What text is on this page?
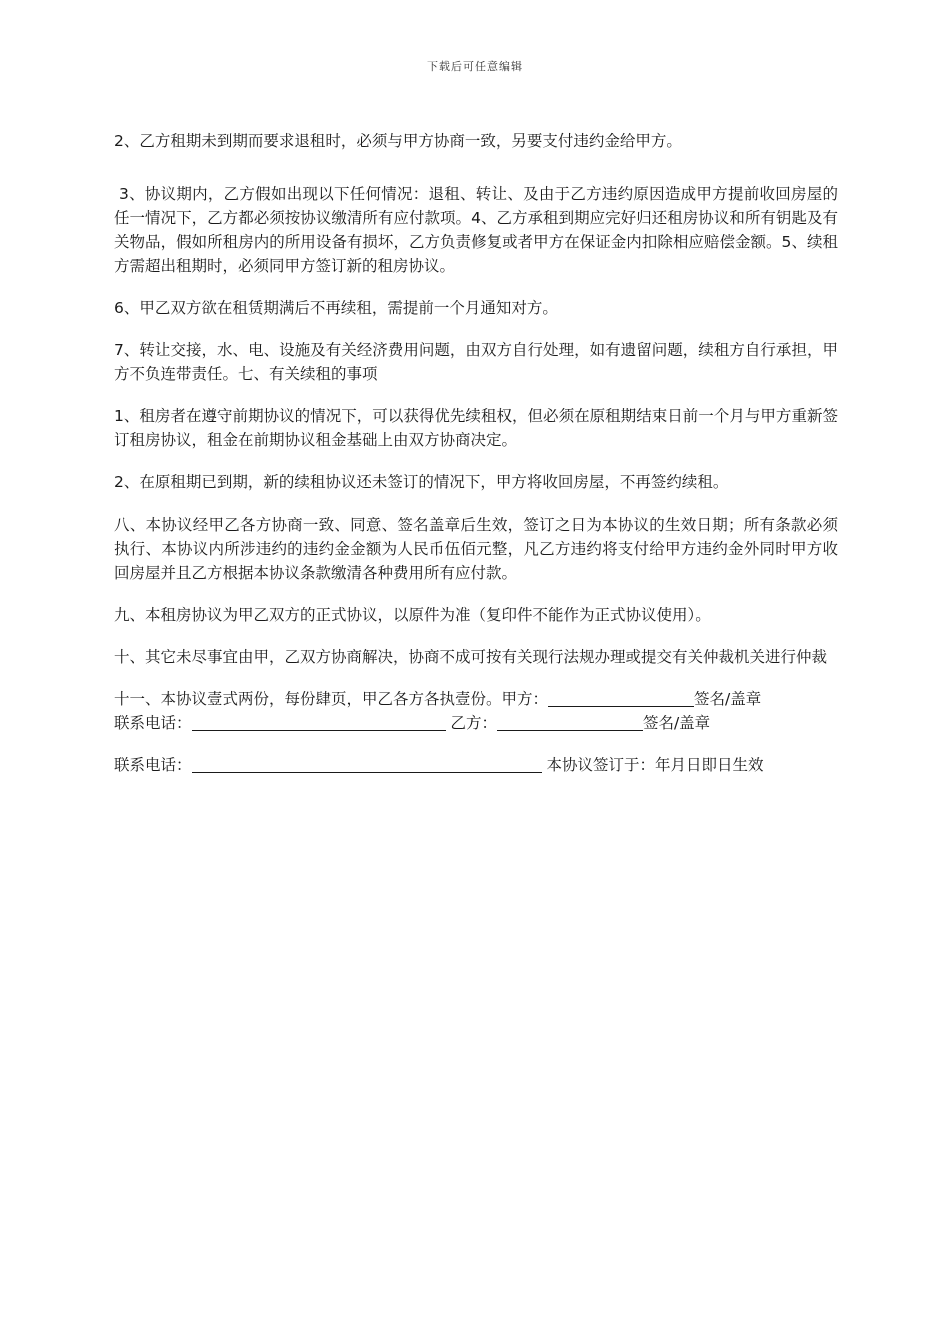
下载后可任意编辑

2、乙方租期未到期而要求退租时，必须与甲方协商一致，另要支付违约金给甲方。

3、协议期内，乙方假如出现以下任何情况：退租、转让、及由于乙方违约原因造成甲方提前收回房屋的任一情况下，乙方都必须按协议缴清所有应付款项。4、乙方承租到期应完好归还租房协议和所有钥匙及有关物品，假如所租房内的所用设备有损坏，乙方负责修复或者甲方在保证金内扣除相应赔偿金额。5、续租方需超出租期时，必须同甲方签订新的租房协议。

6、甲乙双方欲在租赁期满后不再续租，需提前一个月通知对方。

7、转让交接，水、电、设施及有关经济费用问题，由双方自行处理，如有遗留问题，续租方自行承担，甲方不负连带责任。七、有关续租的事项

1、租房者在遵守前期协议的情况下，可以获得优先续租权，但必须在原租期结束日前一个月与甲方重新签订租房协议，租金在前期协议租金基础上由双方协商决定。

2、在原租期已到期，新的续租协议还未签订的情况下，甲方将收回房屋，不再签约续租。

八、本协议经甲乙各方协商一致、同意、签名盖章后生效，签订之日为本协议的生效日期；所有条款必须执行、本协议内所涉违约的违约金金额为人民币伍佰元整，凡乙方违约将支付给甲方违约金外同时甲方收回房屋并且乙方根据本协议条款缴清各种费用所有应付款。

九、本租房协议为甲乙双方的正式协议，以原件为准（复印件不能作为正式协议使用）。

十、其它未尽事宜由甲，乙双方协商解决，协商不成可按有关现行法规办理或提交有关仲裁机关进行仲裁

十一、本协议壹式两份，每份肆页，甲乙各方各执壹份。甲方：	签名/盖章

联系电话：	乙方：	签名/盖章

联系电话：	本协议签订于：年月日即日生效
